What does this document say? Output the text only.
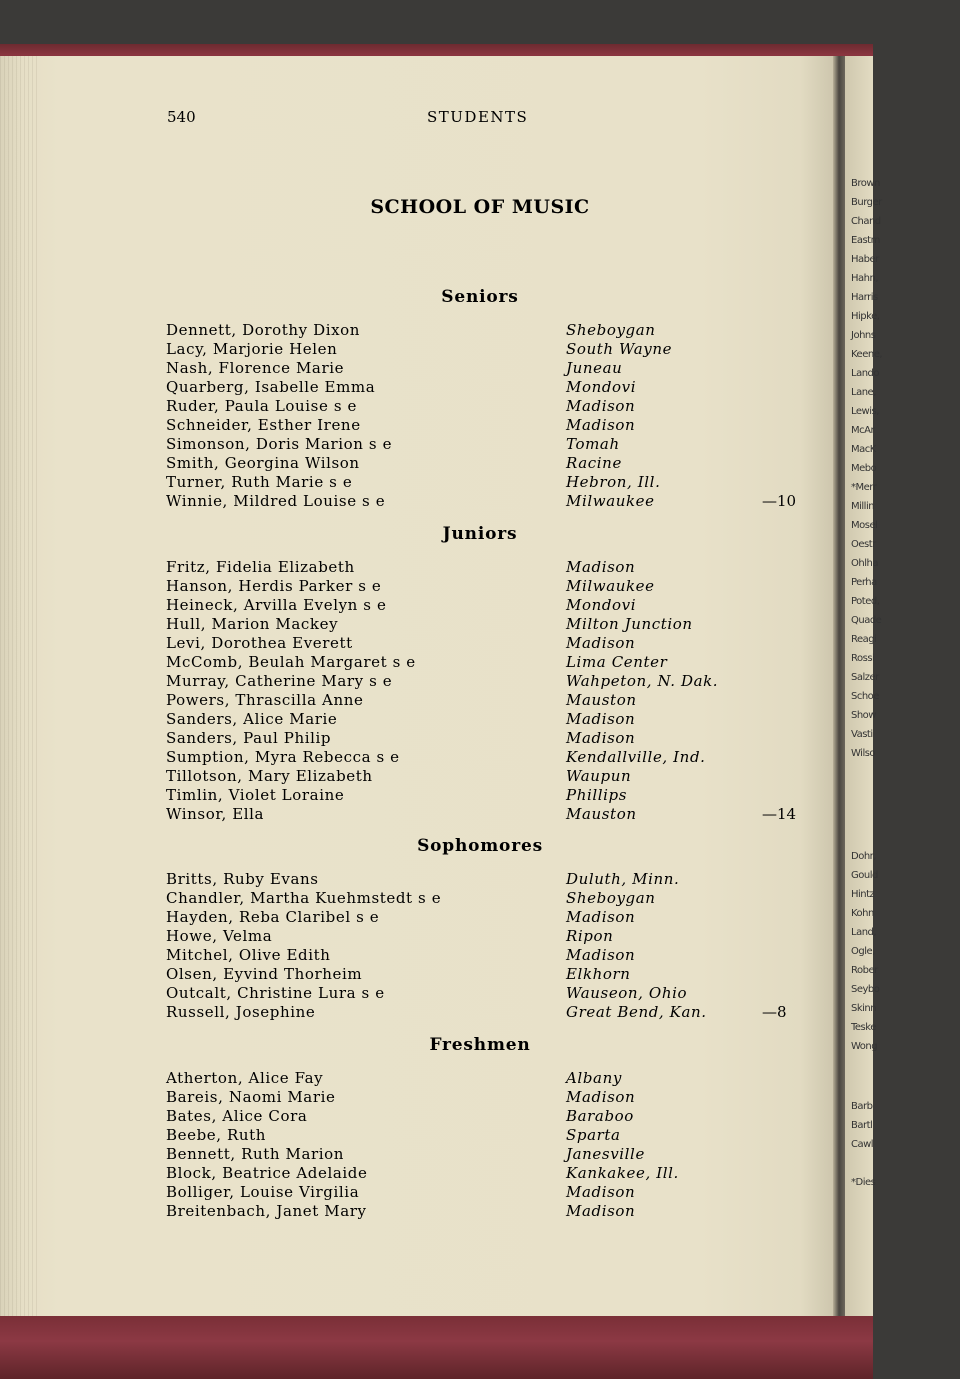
Brown
Burger
Chand
Eastm
Haber
Hahn,
Harris
Hipke,
Johns
Keene,
Lando
Lane,
Lewis,
McAr
MacK
Mebo
*Merr
Millin
Mosel
Oestr
Ohlha
Perha
Poted,
Quade
Reagi
Rossi
Salzer
Schoe
Show
Vasti
Wilso
Dohr,
Gould
Hintz
Kohn
Land,
Ogle,
Rober
Seybo
Skinn
Teske
Wong
Barb
Bartl
Cawl
*Dies
540	STUDENTS
SCHOOL OF MUSIC
Seniors
Dennett, Dorothy Dixon	Sheboygan
Lacy, Marjorie Helen	South Wayne
Nash, Florence Marie	Juneau
Quarberg, Isabelle Emma	Mondovi
Ruder, Paula Louise s e	Madison
Schneider, Esther Irene	Madison
Simonson, Doris Marion s e	Tomah
Smith, Georgina Wilson	Racine
Turner, Ruth Marie s e	Hebron, Ill.
Winnie, Mildred Louise s e	Milwaukee	—10
Juniors
Fritz, Fidelia Elizabeth	Madison
Hanson, Herdis Parker s e	Milwaukee
Heineck, Arvilla Evelyn s e	Mondovi
Hull, Marion Mackey	Milton Junction
Levi, Dorothea Everett	Madison
McComb, Beulah Margaret s e	Lima Center
Murray, Catherine Mary s e	Wahpeton, N. Dak.
Powers, Thrascilla Anne	Mauston
Sanders, Alice Marie	Madison
Sanders, Paul Philip	Madison
Sumption, Myra Rebecca s e	Kendallville, Ind.
Tillotson, Mary Elizabeth	Waupun
Timlin, Violet Loraine	Phillips
Winsor, Ella	Mauston	—14
Sophomores
Britts, Ruby Evans	Duluth, Minn.
Chandler, Martha Kuehmstedt s e	Sheboygan
Hayden, Reba Claribel s e	Madison
Howe, Velma	Ripon
Mitchel, Olive Edith	Madison
Olsen, Eyvind Thorheim	Elkhorn
Outcalt, Christine Lura s e	Wauseon, Ohio
Russell, Josephine	Great Bend, Kan.	—8
Freshmen
Atherton, Alice Fay	Albany
Bareis, Naomi Marie	Madison
Bates, Alice Cora	Baraboo
Beebe, Ruth	Sparta
Bennett, Ruth Marion	Janesville
Block, Beatrice Adelaide	Kankakee, Ill.
Bolliger, Louise Virgilia	Madison
Breitenbach, Janet Mary	Madison
